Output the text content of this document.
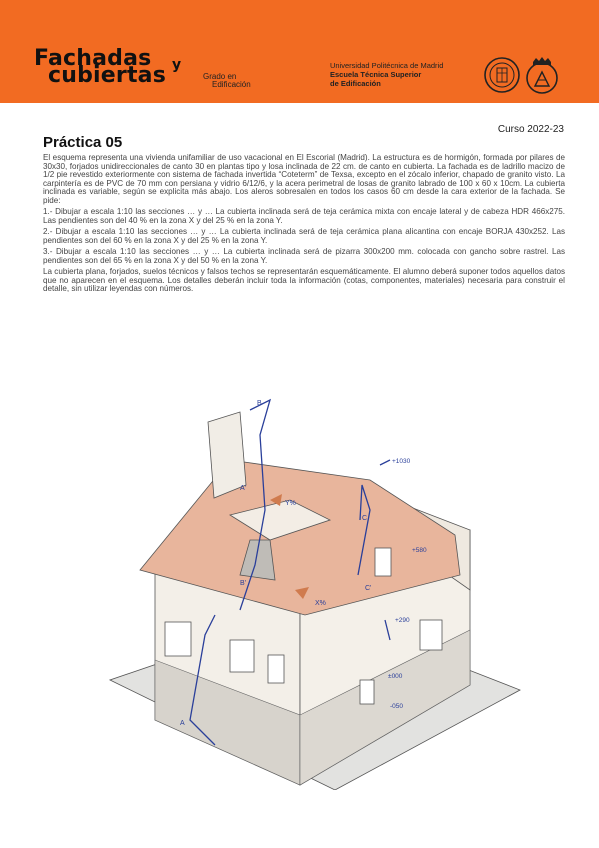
Fachadas
cubiertas y
Grado en
Edificación
Universidad Politécnica de Madrid
Escuela Técnica Superior
de Edificación
Curso 2022-23
Práctica 05

El esquema representa una vivienda unifamiliar de uso vacacional en El Escorial (Madrid). La estructura es de hormigón, formada por pilares de 30x30, forjados unidireccionales de canto 30 en plantas tipo y losa inclinada de 22 cm. de canto en cubierta. La fachada es de ladrillo macizo de 1/2 pie revestido exteriormente con sistema de fachada invertida “Coteterm” de Texsa, excepto en el zócalo inferior, chapado de granito visto. La carpintería es de PVC de 70 mm con persiana y vidrio 6/12/6, y la acera perimetral de losas de granito labrado de 100 x 60 x 10cm. La cubierta inclinada es variable, según se explicita más abajo. Los aleros sobresalen en todos los casos 60 cm desde la cara exterior de la fachada. Se pide:

1.- Dibujar a escala 1:10 las secciones … y … La cubierta inclinada será de teja cerámica mixta con encaje lateral y de cabeza HDR 466x275. Las pendientes son del 40 % en la zona X y del 25 % en la zona Y.

2.- Dibujar a escala 1:10 las secciones … y … La cubierta inclinada será de teja cerámica plana alicantina con encaje BORJA 430x252. Las pendientes son del 60 % en la zona X y del 25 % en la zona Y.

3.- Dibujar a escala 1:10 las secciones … y … La cubierta inclinada será de pizarra 300x200 mm. colocada con gancho sobre rastrel. Las pendientes son del 65 % en la zona X y del 50 % en la zona Y.

La cubierta plana, forjados, suelos técnicos y falsos techos se representarán esquemáticamente. El alumno deberá suponer todos aquellos datos que no aparecen en el esquema. Los detalles deberán incluir toda la información (cotas, componentes, materiales) necesaria para construir el detalle, sin utilizar leyendas con números.

B
A'
Y%
X%
C
C'
B'
A
+1030
+580
+290
±000
-050
